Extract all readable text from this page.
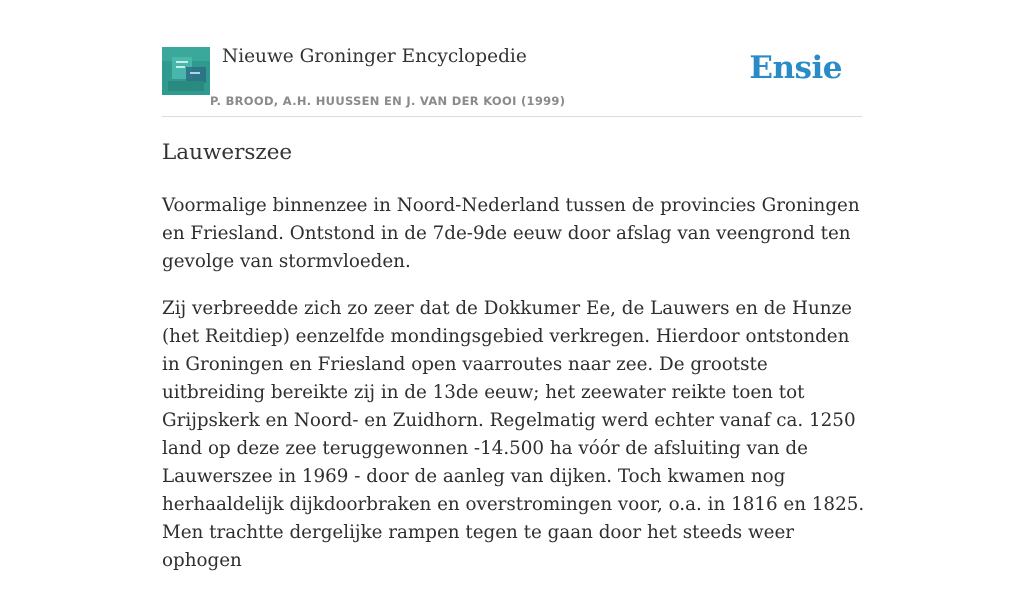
Nieuwe Groninger Encyclopedie
P. BROOD, A.H. HUUSSEN EN J. VAN DER KOOI (1999)
Ensie
Lauwerszee

Voormalige binnenzee in Noord-Nederland tussen de provincies Groningen en Friesland. Ontstond in de 7de-9de eeuw door afslag van veengrond ten gevolge van stormvloeden.

Zij verbreedde zich zo zeer dat de Dokkumer Ee, de Lauwers en de Hunze (het Reitdiep) eenzelfde mondingsgebied verkregen. Hierdoor ontstonden in Groningen en Friesland open vaarroutes naar zee. De grootste uitbreiding bereikte zij in de 13de eeuw; het zeewater reikte toen tot Grijpskerk en Noord- en Zuidhorn. Regelmatig werd echter vanaf ca. 1250 land op deze zee teruggewonnen -14.500 ha vóór de afsluiting van de Lauwerszee in 1969 - door de aanleg van dijken. Toch kwamen nog herhaaldelijk dijkdoorbraken en overstromingen voor, o.a. in 1816 en 1825. Men trachtte dergelijke rampen tegen te gaan door het steeds weer ophogen
